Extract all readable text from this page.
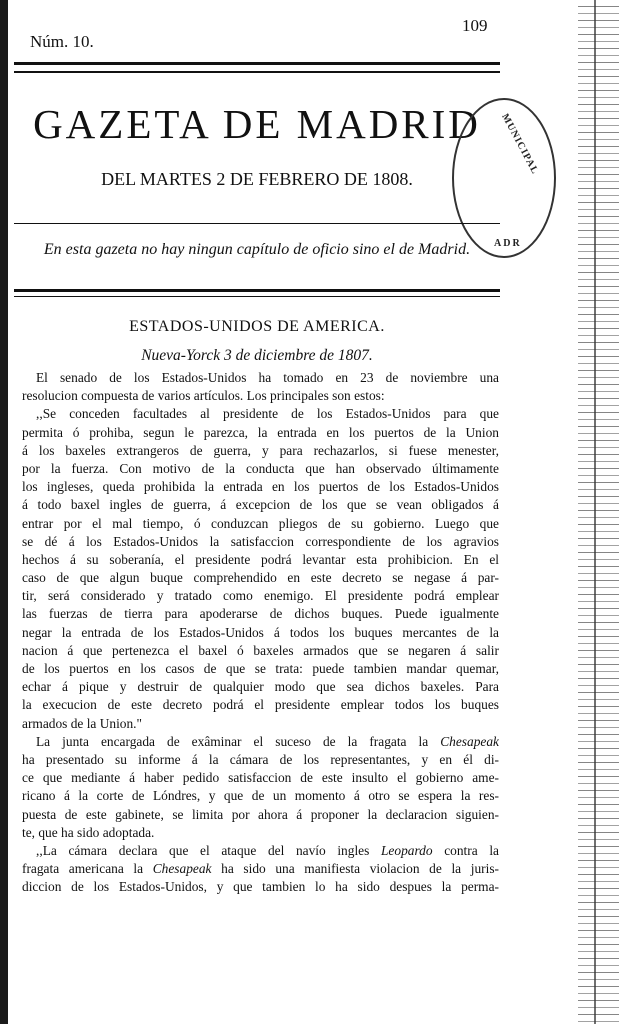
Núm. 10.
109
GAZETA DE MADRID
DEL MARTES 2 DE FEBRERO DE 1808.
MUNICIPAL
ADR
En esta gazeta no hay ningun capítulo de oficio sino el de Madrid.
ESTADOS-UNIDOS DE AMERICA.
Nueva-Yorck 3 de diciembre de 1807.
El senado de los Estados-Unidos ha tomado en 23 de noviembre una
resolucion compuesta de varios artículos. Los principales son estos:
,,Se conceden facultades al presidente de los Estados-Unidos para que
permita ó prohiba, segun le parezca, la entrada en los puertos de la Union
á los baxeles extrangeros de guerra, y para rechazarlos, si fuese menester,
por la fuerza. Con motivo de la conducta que han observado últimamente
los ingleses, queda prohibida la entrada en los puertos de los Estados-Unidos
á todo baxel ingles de guerra, á excepcion de los que se vean obligados á
entrar por el mal tiempo, ó conduzcan pliegos de su gobierno. Luego que
se dé á los Estados-Unidos la satisfaccion correspondiente de los agravios
hechos á su soberanía, el presidente podrá levantar esta prohibicion. En el
caso de que algun buque comprehendido en este decreto se negase á par-
tir, será considerado y tratado como enemigo. El presidente podrá emplear
las fuerzas de tierra para apoderarse de dichos buques. Puede igualmente
negar la entrada de los Estados-Unidos á todos los buques mercantes de la
nacion á que pertenezca el baxel ó baxeles armados que se negaren á salir
de los puertos en los casos de que se trata: puede tambien mandar quemar,
echar á pique y destruir de qualquier modo que sea dichos baxeles. Para
la execucion de este decreto podrá el presidente emplear todos los buques
armados de la Union."
La junta encargada de exâminar el suceso de la fragata la Chesapeak
ha presentado su informe á la cámara de los representantes, y en él di-
ce que mediante á haber pedido satisfaccion de este insulto el gobierno ame-
ricano á la corte de Lóndres, y que de un momento á otro se espera la res-
puesta de este gabinete, se limita por ahora á proponer la declaracion siguien-
te, que ha sido adoptada.
,,La cámara declara que el ataque del navío ingles Leopardo contra la
fragata americana la Chesapeak ha sido una manifiesta violacion de la juris-
diccion de los Estados-Unidos, y que tambien lo ha sido despues la perma-
